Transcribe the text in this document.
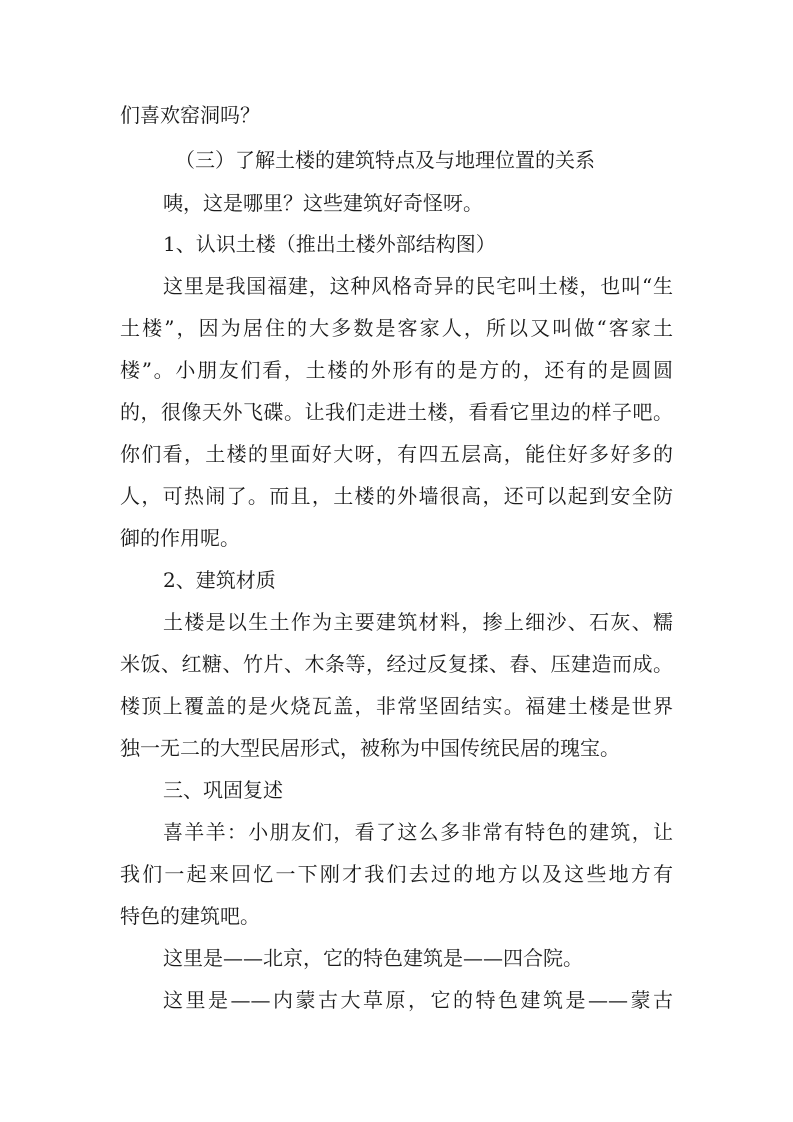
们喜欢窑洞吗？
（三）了解土楼的建筑特点及与地理位置的关系
咦，这是哪里？这些建筑好奇怪呀。
1、认识土楼（推出土楼外部结构图）
这里是我国福建，这种风格奇异的民宅叫土楼，也叫“生
土楼”，因为居住的大多数是客家人，所以又叫做“客家土
楼”。小朋友们看，土楼的外形有的是方的，还有的是圆圆
的，很像天外飞碟。让我们走进土楼，看看它里边的样子吧。
你们看，土楼的里面好大呀，有四五层高，能住好多好多的
人，可热闹了。而且，土楼的外墙很高，还可以起到安全防
御的作用呢。
2、建筑材质
土楼是以生土作为主要建筑材料，掺上细沙、石灰、糯
米饭、红糖、竹片、木条等，经过反复揉、舂、压建造而成。
楼顶上覆盖的是火烧瓦盖，非常坚固结实。福建土楼是世界
独一无二的大型民居形式，被称为中国传统民居的瑰宝。
三、巩固复述
喜羊羊：小朋友们，看了这么多非常有特色的建筑，让
我们一起来回忆一下刚才我们去过的地方以及这些地方有
特色的建筑吧。
这里是——北京，它的特色建筑是——四合院。
这里是——内蒙古大草原，它的特色建筑是——蒙古
